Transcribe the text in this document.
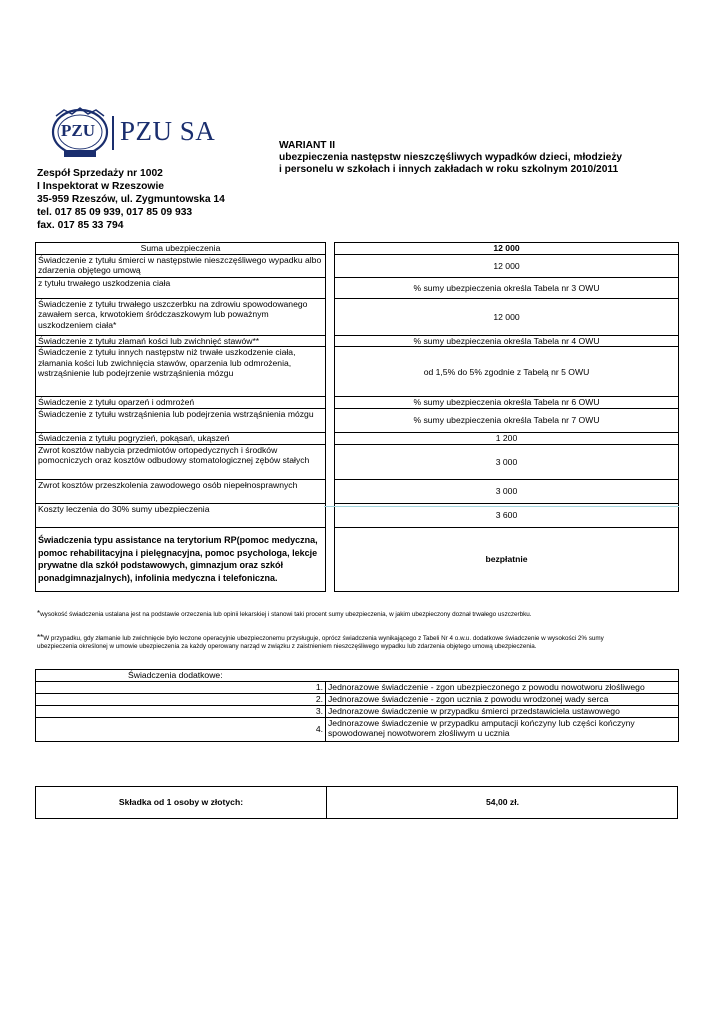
PZU PZU SA	WARIANT II
ubezpieczenia następstw nieszczęśliwych wypadków dzieci, młodzieży
i personelu w szkołach i innych zakładach w roku szkolnym 2010/2011
Zespół Sprzedaży nr 1002
I Inspektorat w Rzeszowie
35-959 Rzeszów, ul. Zygmuntowska 14
tel. 017 85 09 939, 017 85 09 933
fax. 017 85 33 794
Suma ubezpieczenia		12 000
Świadczenie z tytułu śmierci w następstwie nieszczęśliwego wypadku albo zdarzenia objętego umową		12 000
z tytułu trwałego uszkodzenia ciała		% sumy ubezpieczenia określa Tabela nr 3 OWU
Świadczenie z tytułu trwałego uszczerbku na zdrowiu spowodowanego zawałem serca, krwotokiem śródczaszkowym lub poważnym uszkodzeniem ciała*		12 000
Świadczenie z tytułu złamań kości lub zwichnięć stawów**		% sumy ubezpieczenia określa Tabela nr 4 OWU
Świadczenie z tytułu innych następstw niż trwałe uszkodzenie ciała, złamania kości lub zwichnięcia stawów, oparzenia lub odmrożenia, wstrząśnienie lub podejrzenie wstrząśnienia mózgu		od 1,5% do 5% zgodnie z Tabelą nr 5 OWU
Świadczenie z tytułu oparzeń i odmrożeń		% sumy ubezpieczenia określa Tabela nr 6 OWU
Świadczenie z tytułu wstrząśnienia lub podejrzenia wstrząśnienia mózgu		% sumy ubezpieczenia określa Tabela nr 7 OWU
Świadczenia z tytułu pogryzień, pokąsań, ukąszeń		1 200
Zwrot kosztów nabycia przedmiotów ortopedycznych i środków pomocniczych oraz kosztów odbudowy stomatologicznej zębów stałych		3 000
Zwrot kosztów przeszkolenia zawodowego osób niepełnosprawnych		3 000
Koszty leczenia do 30% sumy ubezpieczenia		3 600
Świadczenia typu assistance na terytorium RP(pomoc medyczna, pomoc rehabilitacyjna i pielęgnacyjna, pomoc psychologa, lekcje prywatne dla szkół podstawowych, gimnazjum oraz szkół ponadgimnazjalnych), infolinia medyczna i telefoniczna.		bezpłatnie
*wysokość świadczenia ustalana jest na podstawie orzeczenia lub opinii lekarskiej i stanowi taki procent sumy ubezpieczenia, w jakim ubezpieczony doznał trwałego uszczerbku.
**W przypadku, gdy złamanie lub zwichnięcie było leczone operacyjnie ubezpieczonemu przysługuje, oprócz świadczenia wynikającego z Tabeli Nr 4 o.w.u. dodatkowe świadczenie w wysokości 2% sumy ubezpieczenia określonej w umowie ubezpieczenia za każdy operowany narząd w związku z zaistnieniem nieszczęśliwego wypadku lub zdarzenia objętego umową ubezpieczenia.
Świadczenia dodatkowe:	
1.	Jednorazowe świadczenie - zgon ubezpieczonego z powodu nowotworu złośliwego
2.	Jednorazowe świadczenie - zgon ucznia z powodu wrodzonej wady serca
3.	Jednorazowe świadczenie w przypadku śmierci przedstawiciela ustawowego
4.	Jednorazowe świadczenie w przypadku amputacji kończyny lub części kończyny spowodowanej nowotworem złośliwym u ucznia
Składka od 1 osoby w złotych:	54,00 zł.
